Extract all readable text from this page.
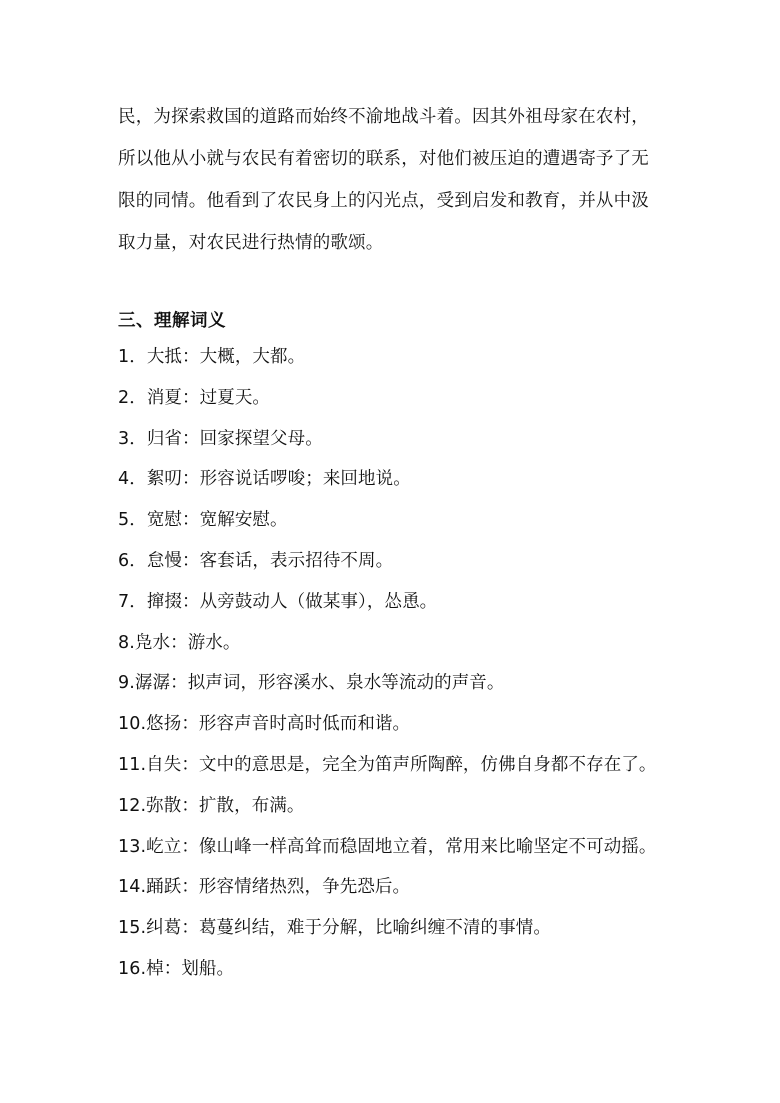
民，为探索救国的道路而始终不渝地战斗着。因其外祖母家在农村，
所以他从小就与农民有着密切的联系，对他们被压迫的遭遇寄予了无
限的同情。他看到了农民身上的闪光点，受到启发和教育，并从中汲
取力量，对农民进行热情的歌颂。
三、理解词义
1．大抵：大概，大都。
2．消夏：过夏天。
3．归省：回家探望父母。
4．絮叨：形容说话啰唆；来回地说。
5．宽慰：宽解安慰。
6．怠慢：客套话，表示招待不周。
7．撺掇：从旁鼓动人（做某事），怂恿。
8.凫水：游水。
9.潺潺：拟声词，形容溪水、泉水等流动的声音。
10.悠扬：形容声音时高时低而和谐。
11.自失：文中的意思是，完全为笛声所陶醉，仿佛自身都不存在了。
12.弥散：扩散，布满。
13.屹立：像山峰一样高耸而稳固地立着，常用来比喻坚定不可动摇。
14.踊跃：形容情绪热烈，争先恐后。
15.纠葛：葛蔓纠结，难于分解，比喻纠缠不清的事情。
16.棹：划船。
